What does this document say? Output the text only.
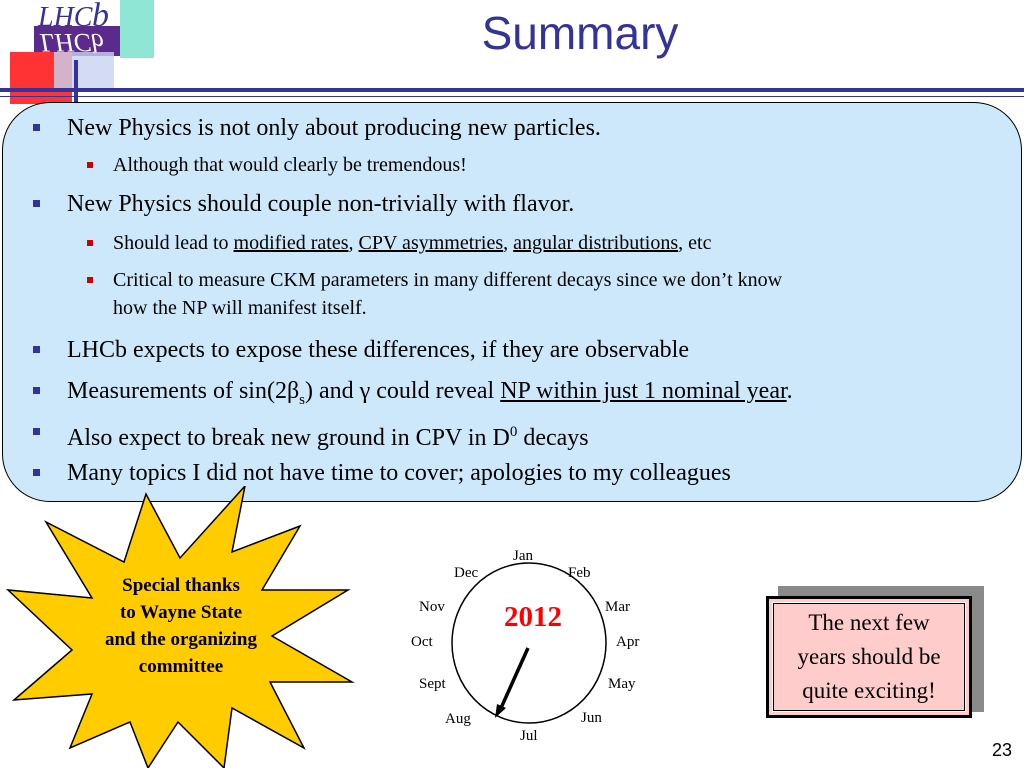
LHC b
LHCb	Summary
New Physics is not only about producing new particles.
Although that would clearly be tremendous!
New Physics should couple non-trivially with flavor.
Should lead to modified rates, CPV asymmetries, angular distributions, etc
Critical to measure CKM parameters in many different decays since we don’t know
how the NP will manifest itself.
LHCb expects to expose these differences, if they are observable
Measurements of $\sin(2\beta_s)$ and γ could reveal NP within just 1 nominal year.
Also expect to break new ground in CPV in $D^0$ decays
Many topics I did not have time to cover; apologies to my colleagues
Special thanks
to Wayne State
and the organizing
committee
Jan
Feb
Mar
Apr
May
Jun
Jul
Aug
Sept
Oct
Nov
Dec
2012	The next few
years should be
quite exciting!
23
